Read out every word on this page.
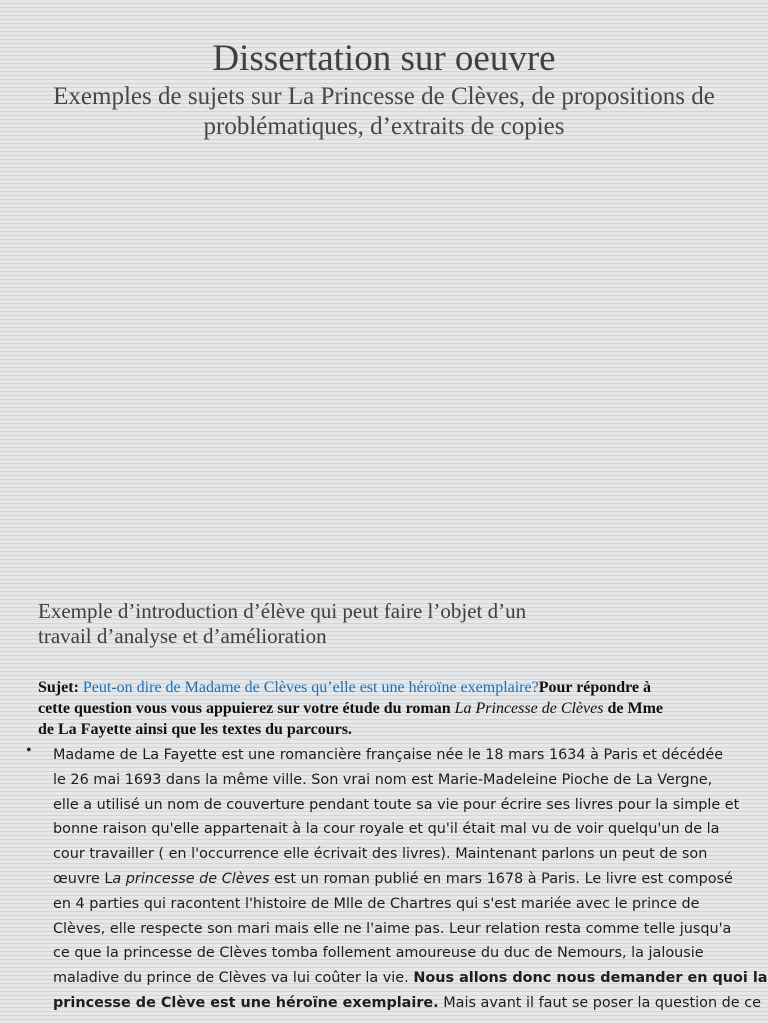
Dissertation sur oeuvre
Exemples de sujets sur La Princesse de Clèves, de propositions de
problématiques, d’extraits de copies
Exemple d’introduction d’élève qui peut faire l’objet d’un
travail d’analyse et d’amélioration
Sujet: Peut-on dire de Madame de Clèves qu’elle est une héroïne exemplaire?Pour répondre à
cette question vous vous appuierez sur votre étude du roman La Princesse de Clèves de Mme
de La Fayette ainsi que les textes du parcours.
• Madame de La Fayette est une romancière française née le 18 mars 1634 à Paris et décédée
le 26 mai 1693 dans la même ville. Son vrai nom est Marie-Madeleine Pioche de La Vergne,
elle a utilisé un nom de couverture pendant toute sa vie pour écrire ses livres pour la simple et
bonne raison qu'elle appartenait à la cour royale et qu'il était mal vu de voir quelqu'un de la
cour travailler ( en l'occurrence elle écrivait des livres). Maintenant parlons un peut de son
œuvre La princesse de Clèves est un roman publié en mars 1678 à Paris. Le livre est composé
en 4 parties qui racontent l'histoire de Mlle de Chartres qui s'est mariée avec le prince de
Clèves, elle respecte son mari mais elle ne l'aime pas. Leur relation resta comme telle jusqu'a
ce que la princesse de Clèves tomba follement amoureuse du duc de Nemours, la jalousie
maladive du prince de Clèves va lui coûter la vie. Nous allons donc nous demander en quoi la
princesse de Clève est une héroïne exemplaire. Mais avant il faut se poser la question de ce
